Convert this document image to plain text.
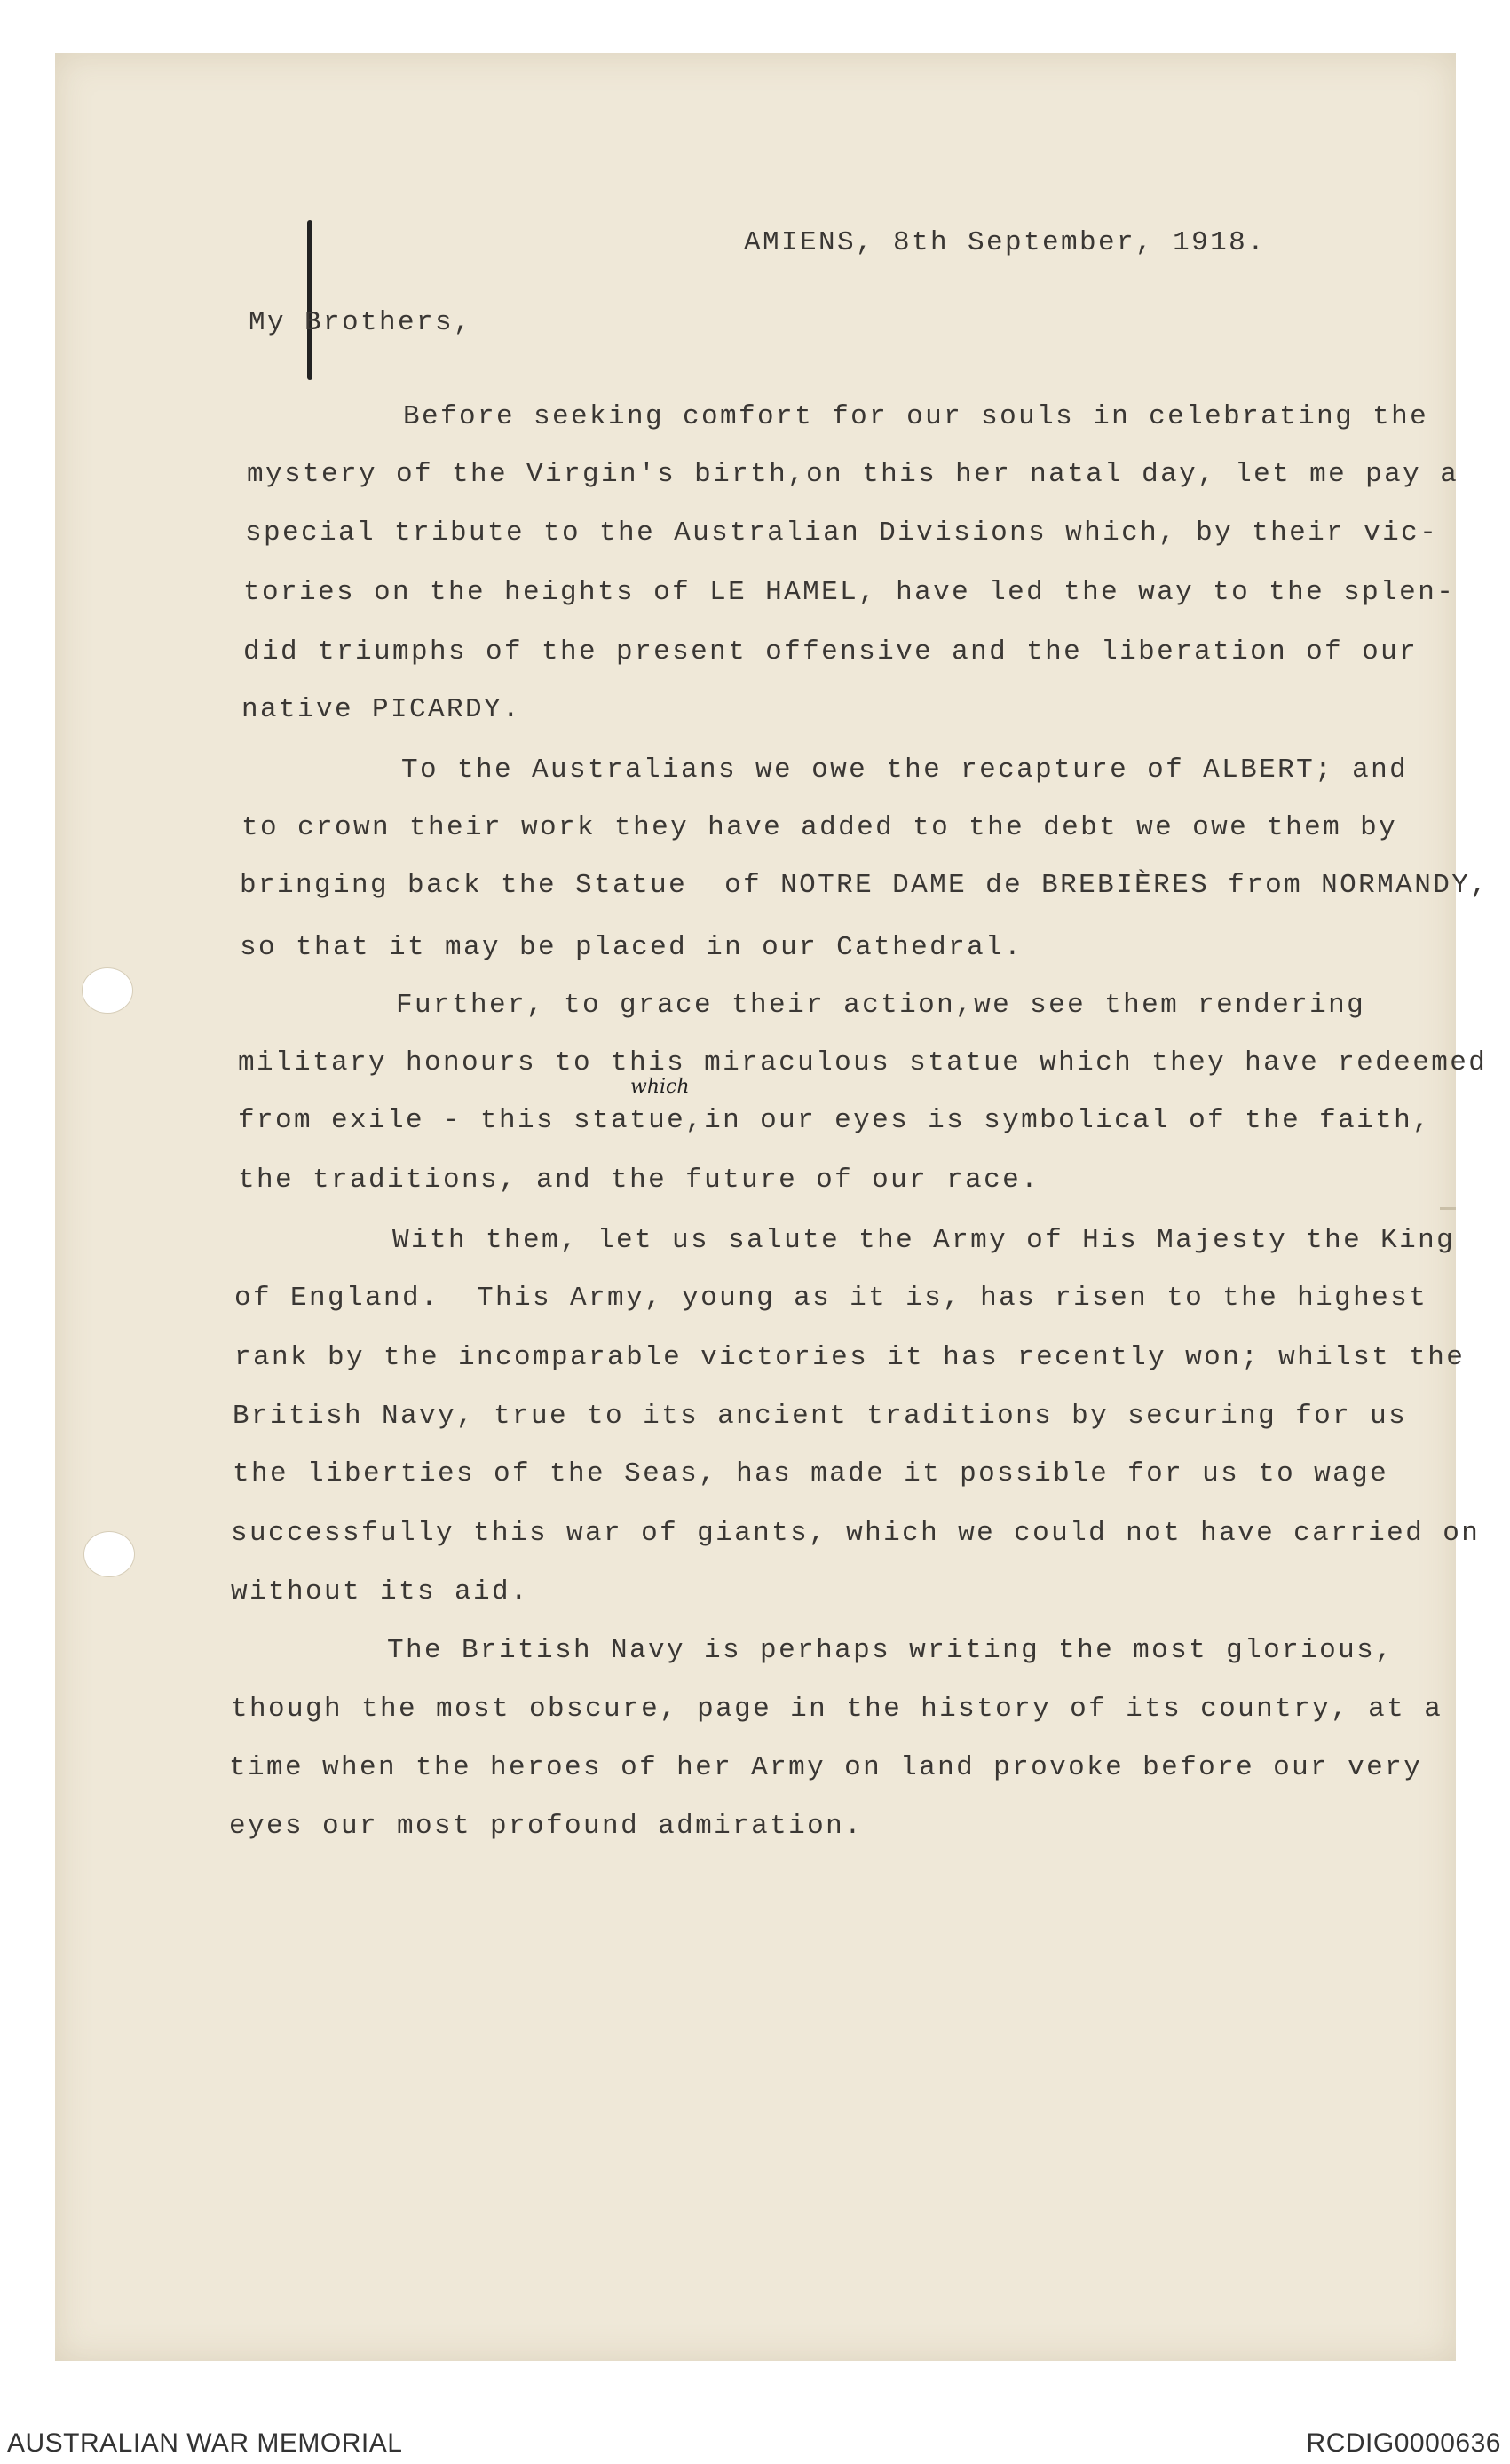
AMIENS, 8th September, 1918.
My Brothers,
Before seeking comfort for our souls in celebrating the
mystery of the Virgin's birth,on this her natal day, let me pay a
special tribute to the Australian Divisions which, by their vic-
tories on the heights of LE HAMEL, have led the way to the splen-
did triumphs of the present offensive and the liberation of our
native PICARDY.
To the Australians we owe the recapture of ALBERT; and
to crown their work they have added to the debt we owe them by
bringing back the Statue  of NOTRE DAME de BREBIÈRES from NORMANDY,
so that it may be placed in our Cathedral.
Further, to grace their action,we see them rendering
military honours to this miraculous statue which they have redeemed
which
from exile - this statue,in our eyes is symbolical of the faith,
the traditions, and the future of our race.
With them, let us salute the Army of His Majesty the King
of England.  This Army, young as it is, has risen to the highest
rank by the incomparable victories it has recently won; whilst the
British Navy, true to its ancient traditions by securing for us
the liberties of the Seas, has made it possible for us to wage
successfully this war of giants, which we could not have carried on
without its aid.
The British Navy is perhaps writing the most glorious,
though the most obscure, page in the history of its country, at a
time when the heroes of her Army on land provoke before our very
eyes our most profound admiration.
AUSTRALIAN WAR MEMORIAL	RCDIG0000636
